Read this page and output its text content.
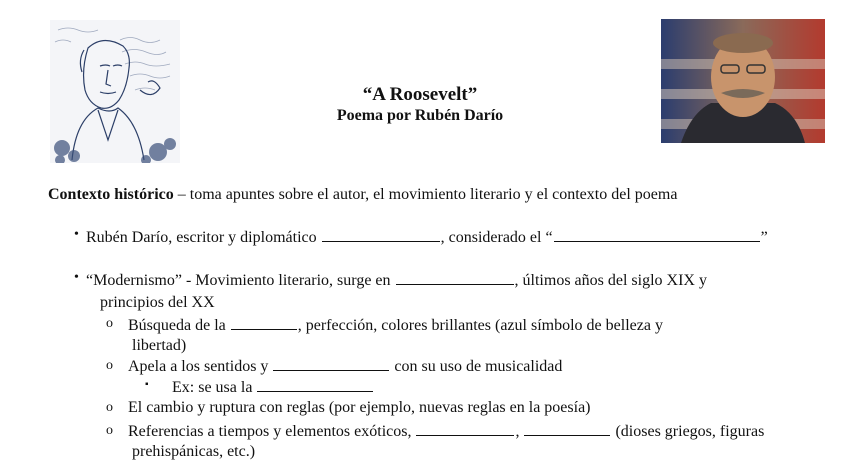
“A Roosevelt”
Poema por Rubén Darío
Contexto histórico – toma apuntes sobre el autor, el movimiento literario y el contexto del poema
• Rubén Darío, escritor y diplomático	, considerado el “	”
• “Modernismo” - Movimiento literario, surge en	, últimos años del siglo XIX y
principios del XX
o Búsqueda de la	, perfección, colores brillantes (azul símbolo de belleza y
libertad)
o Apela a los sentidos y	con su uso de musicalidad
▪ Ex: se usa la
o El cambio y ruptura con reglas (por ejemplo, nuevas reglas en la poesía)
o Referencias a tiempos y elementos exóticos,	,	(dioses griegos, figuras
prehispánicas, etc.)
